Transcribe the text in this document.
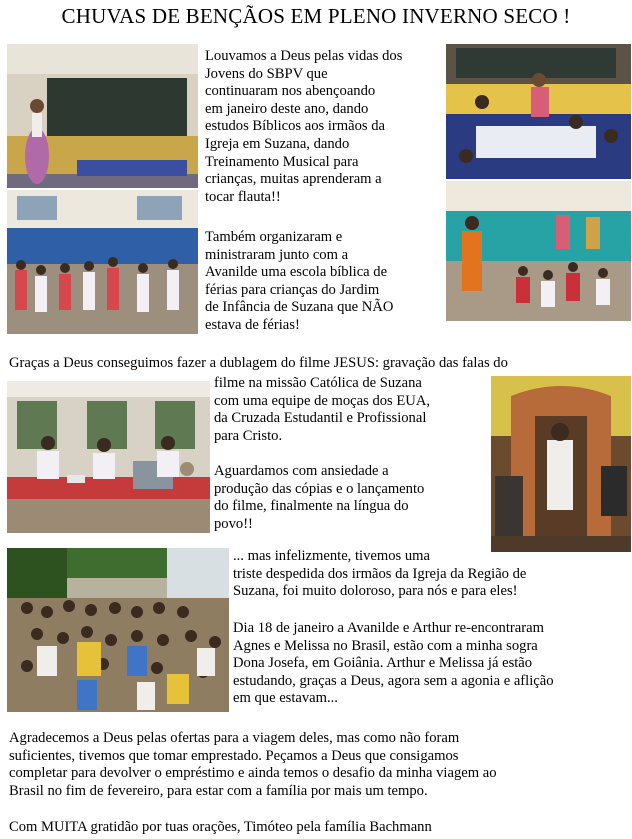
CHUVAS DE BENÇÃOS EM PLENO INVERNO SECO !
Louvamos a Deus pelas vidas dos
Jovens do SBPV que
continuaram nos abençoando
em janeiro deste ano, dando
estudos Bíblicos aos irmãos da
Igreja em Suzana, dando
Treinamento Musical para
crianças, muitas aprenderam a
tocar flauta!!
Também organizaram e
ministraram junto com a
Avanilde uma escola bíblica de
férias para crianças do Jardim
de Infância de Suzana que NÃO
estava de férias!
Graças a Deus conseguimos fazer a dublagem do filme JESUS: gravação das falas do
filme na missão Católica de Suzana
com uma equipe de moças dos EUA,
da Cruzada Estudantil e Profissional
para Cristo.
Aguardamos com ansiedade a
produção das cópias e o lançamento
do filme, finalmente na língua do
povo!!
... mas infelizmente, tivemos uma
triste despedida dos irmãos da Igreja da Região de
Suzana, foi muito doloroso, para nós e para eles!
Dia 18 de janeiro a Avanilde e Arthur re-encontraram
Agnes e Melissa no Brasil, estão com a minha sogra
Dona Josefa, em Goiânia. Arthur e Melissa já estão
estudando, graças a Deus, agora sem a agonia e aflição
em que estavam...
Agradecemos a Deus pelas ofertas para a viagem deles, mas como não foram
suficientes, tivemos que tomar emprestado. Peçamos a Deus que consigamos
completar para devolver o empréstimo e ainda temos o desafio da minha viagem ao
Brasil no fim de fevereiro, para estar com a família por mais um tempo.
Com MUITA gratidão por tuas orações, Timóteo pela família Bachmann
